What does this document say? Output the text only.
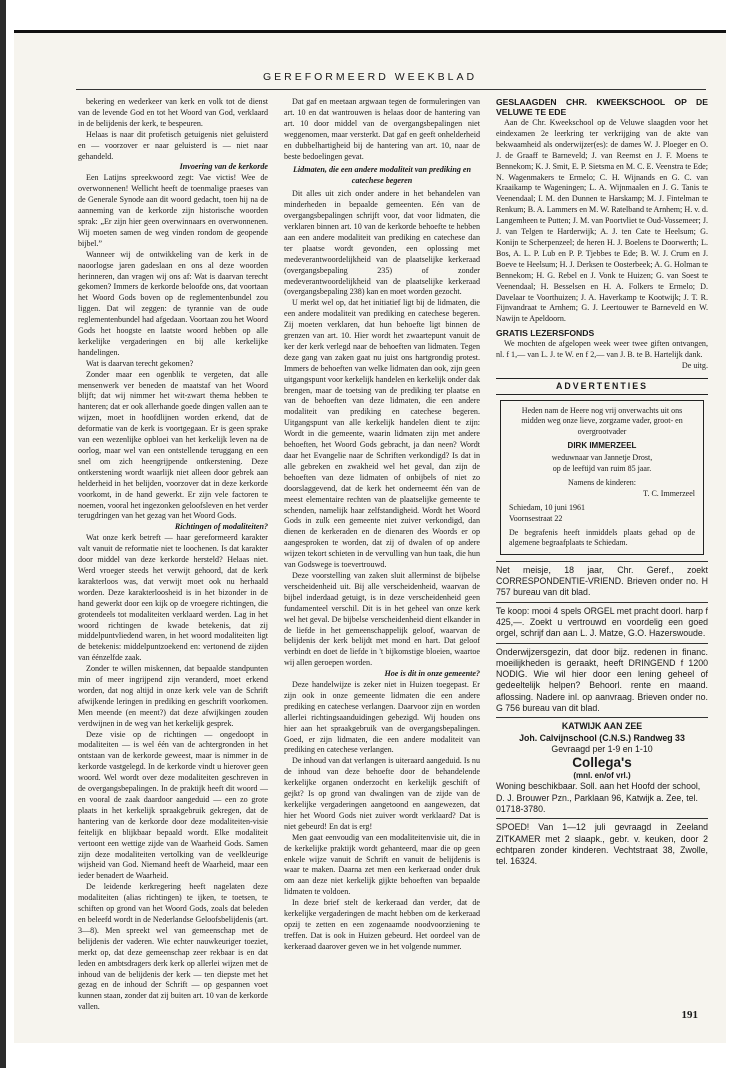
GEREFORMEERD WEEKBLAD

bekering en wederkeer van kerk en volk tot de dienst van de levende God en tot het Woord van God, verklaard in de belijdenis der kerk, te bespeuren.

Helaas is naar dit profetisch getuigenis niet geluisterd en — voorzover er naar geluisterd is — niet naar gehandeld.

Invoering van de kerkorde

Een Latijns spreekwoord zegt: Vae victis! Wee de overwonnenen! Wellicht heeft de toenmalige praeses van de Generale Synode aan dit woord gedacht, toen hij na de aanneming van de kerkorde zijn historische woorden sprak: „Er zijn hier geen overwinnaars en overwonnenen. Wij moeten samen de weg vinden rondom de geopende bijbel.”

Wanneer wij de ontwikkeling van de kerk in de naoorlogse jaren gadeslaan en ons al deze woorden herinneren, dan vragen wij ons af: Wat is daarvan terecht gekomen? Immers de kerkorde beloofde ons, dat voortaan het Woord Gods boven op de reglementenbundel zou liggen. Dat wil zeggen: de tyrannie van de oude reglementenbundel had afgedaan. Voortaan zou het Woord Gods het hoogste en laatste woord hebben op alle kerkelijke vergaderingen en bij alle kerkelijke handelingen.

Wat is daarvan terecht gekomen?

Zonder maar een ogenblik te vergeten, dat alle mensenwerk ver beneden de maatstaf van het Woord blijft; dat wij nimmer het wit-zwart thema hebben te hanteren; dat er ook allerhande goede dingen vallen aan te wijzen, moet in hoofdlijnen worden erkend, dat de deformatie van de kerk is voortgegaan. Er is geen sprake van een wezenlijke opbloei van het kerkelijk leven na de oorlog, maar wel van een ontstellende teruggang en een snel om zich heengrijpende ontkerstening. Deze ontkerstening wordt waarlijk niet alleen door gebrek aan helderheid in het belijden, voorzover dat in deze kerkorde voorkomt, in de hand gewerkt. Er zijn vele factoren te noemen, vooral het ingezonken geloofsleven en het verder terugdringen van het gezag van het Woord Gods.

Richtingen of modaliteiten?

Wat onze kerk betreft — haar gereformeerd karakter valt vanuit de reformatie niet te loochenen. Is dat karakter door middel van deze kerkorde hersteld? Helaas niet. Werd vroeger steeds het verwijt gehoord, dat de kerk karakterloos was, dat verwijt moet ook nu herhaald worden. Deze karakterloosheid is in het bizonder in de hand gewerkt door een kijk op de vroegere richtingen, die grotendeels tot modaliteiten verklaard werden. Lag in het woord richtingen de kwade betekenis, dat zij middelpuntvliedend waren, in het woord modaliteiten ligt de betekenis: middelpuntzoekend en: vertonend de zijden van éénzelfde zaak.

Zonder te willen miskennen, dat bepaalde standpunten min of meer ingrijpend zijn veranderd, moet erkend worden, dat nog altijd in onze kerk vele van de Schrift afwijkende leringen in prediking en geschrift voorkomen. Men meende (en meent?) dat deze afwijkingen zouden verdwijnen in de weg van het kerkelijk gesprek.

Deze visie op de richtingen — ongedoopt in modaliteiten — is wel één van de achtergronden in het ontstaan van de kerkorde geweest, maar is nimmer in de kerkorde vastgelegd. In de kerkorde vindt u hierover geen woord. Wel wordt over deze modaliteiten geschreven in de overgangsbepalingen. In de praktijk heeft dit woord — en vooral de zaak daardoor aangeduid — een zo grote plaats in het kerkelijk spraakgebruik gekregen, dat de hantering van de kerkorde door deze modaliteiten-visie feitelijk en blijkbaar bepaald wordt. Elke modaliteit vertoont een wettige zijde van de Waarheid Gods. Samen zijn deze modaliteiten vertolking van de veelkleurige wijsheid van God. Niemand heeft de Waarheid, maar een ieder benadert de Waarheid.

De leidende kerkregering heeft nagelaten deze modaliteiten (alias richtingen) te ijken, te toetsen, te schiften op grond van het Woord Gods, zoals dat beleden en beleefd wordt in de Nederlandse Geloofsbelijdenis (art. 3—8). Men spreekt wel van gemeenschap met de belijdenis der vaderen. Wie echter nauwkeuriger toeziet, merkt op, dat deze gemeenschap zeer rekbaar is en dat leden en ambtsdragers derk kerk op allerlei wijzen met de inhoud van de belijdenis der kerk — ten diepste met het gezag en de inhoud der Schrift — op gespannen voet kunnen staan, zonder dat zij buiten art. 10 van de kerkorde vallen.

Dat gaf en meetaan argwaan tegen de formuleringen van art. 10 en dat wantrouwen is helaas door de hantering van art. 10 door middel van de overgangsbepalingen niet weggenomen, maar versterkt. Dat gaf en geeft onhelderheid en dubbelhartigheid bij de hantering van art. 10, naar de beste bedoelingen gevat.

Lidmaten, die een andere modaliteit van prediking en catechese begeren

Dit alles uit zich onder andere in het behandelen van minderheden in bepaalde gemeenten. Eén van de overgangsbepalingen schrijft voor, dat voor lidmaten, die verklaren binnen art. 10 van de kerkorde behoefte te hebben aan een andere modaliteit van prediking en catechese dan ter plaatse wordt gevonden, een oplossing met medeverantwoordelijkheid van de plaatselijke kerkeraad (overgangsbepaling 235) of zonder medeverantwoordelijkheid van de plaatselijke kerkeraad (overgangsbepaling 238) kan en moet worden gezocht.

U merkt wel op, dat het initiatief ligt bij de lidmaten, die een andere modaliteit van prediking en catechese begeren. Zij moeten verklaren, dat hun behoefte ligt binnen de grenzen van art. 10. Hier wordt het zwaartepunt vanuit de ker der kerk verlegd naar de behoeften van lidmaten. Tegen deze gang van zaken gaat nu juist ons hartgrondig protest. Immers de behoeften van welke lidmaten dan ook, zijn geen uitgangspunt voor kerkelijk handelen en kerkelijk onder dak brengen, maar de toetsing van de prediking ter plaatse en van de behoeften van deze lidmaten, die een andere modaliteit van prediking en catechese begeren. Uitgangspunt van alle kerkelijk handelen dient te zijn: Wordt in die gemeente, waarin lidmaten zijn met andere behoeften, het Woord Gods gebracht, ja dan neen? Wordt daar het Evangelie naar de Schriften verkondigd? Is dat in alle gebreken en zwakheid wel het geval, dan zijn de behoeften van deze lidmaten of onbijbels of niet zo doorslaggevend, dat de kerk het onderneemt één van de meest elementaire rechten van de plaatselijke gemeente te schenden, namelijk haar zelfstandigheid. Wordt het Woord Gods in zulk een gemeente niet zuiver verkondigd, dan dienen de kerkeraden en de dienaren des Woords er op aangesproken te worden, dat zij of dwalen of op andere wijzen tekort schieten in de vervulling van hun taak, die hun van Godswege is toevertrouwd.

Deze voorstelling van zaken sluit allerminst de bijbelse verscheidenheid uit. Bij alle verscheidenheid, waarvan de bijbel inderdaad getuigt, is in deze verscheidenheid geen fundamenteel verschil. Dit is in het geheel van onze kerk wel het geval. De bijbelse verscheidenheid dient elkander in de liefde in het gemeenschappelijk geloof, waarvan de belijdenis der kerk belijdt met mond en hart. Dat geloof verbindt en doet de liefde in 't bijkomstige bloeien, waartoe wij allen geroepen worden.

Hoe is dit in onze gemeente?

Deze handelwijze is zeker niet in Huizen toegepast. Er zijn ook in onze gemeente lidmaten die een andere prediking en catechese verlangen. Daarvoor zijn en worden allerlei richtingsaanduidingen gebezigd. Wij houden ons hier aan het spraakgebruik van de overgangsbepalingen. Goed, er zijn lidmaten, die een andere modaliteit van prediking en catechese verlangen.

De inhoud van dat verlangen is uiteraard aangeduid. Is nu de inhoud van deze behoefte door de behandelende kerkelijke organen onderzocht en kerkelijk geschift of gejkt? Is op grond van dwalingen van de zijde van de kerkelijke vergaderingen aangetoond en aangewezen, dat hier het Woord Gods niet zuiver wordt verklaard? Dat is niet gebeurd! En dat is erg!

Men gaat eenvoudig van een modaliteitenvisie uit, die in de kerkelijke praktijk wordt gehanteerd, maar die op geen enkele wijze vanuit de Schrift en vanuit de belijdenis is waar te maken. Daarna zet men een kerkeraad onder druk om aan deze niet kerkelijk gijkte behoeften van bepaalde lidmaten te voldoen.

In deze brief stelt de kerkeraad dan verder, dat de kerkelijke vergaderingen de macht hebben om de kerkeraad opzij te zetten en een zogenaamde noodvoorziening te treffen. Dat is ook in Huizen gebeurd. Het oordeel van de kerkeraad daarover geven we in het volgende nummer.

GESLAAGDEN CHR. KWEEKSCHOOL OP DE VELUWE TE EDE

Aan de Chr. Kweekschool op de Veluwe slaagden voor het eindexamen 2e leerkring ter verkrijging van de akte van bekwaamheid als onderwijzer(es): de dames W. J. Ploeger en O. J. de Graaff te Barneveld; J. van Reemst en J. F. Moens te Bennekom; K. J. Smit, E. P. Sietsma en M. C. E. Veenstra te Ede; N. Wagenmakers te Ermelo; C. H. Wijnands en G. C. van Kraaikamp te Wageningen; L. A. Wijnmaalen en J. G. Tanis te Veenendaal; I. M. den Dunnen te Harskamp; M. J. Fintelman te Renkum; B. A. Lammers en M. W. Ratelband te Arnhem; H. v. d. Langemheen te Putten; J. M. van Poortvliet te Oud-Vossemeer; J. J. van Telgen te Harderwijk; A. J. ten Cate te Heelsum; G. Konijn te Scherpenzeel; de heren H. J. Boelens te Doorwerth; L. Bos, A. L. P. Lub en P. P. Tjebbes te Ede; B. W. J. Crum en J. Boeve te Heelsum; H. J. Derksen te Oosterbeek; A. G. Holman te Bennekom; H. G. Rebel en J. Vonk te Huizen; G. van Soest te Veenendaal; H. Besselsen en H. A. Folkers te Ermelo; D. Davelaar te Voorthuizen; J. A. Haverkamp te Kootwijk; J. T. R. Fijnvandraat te Arnhem; G. J. Leertouwer te Barneveld en W. Nawijn te Apeldoorn.

GRATIS LEZERSFONDS

We mochten de afgelopen week weer twee giften ontvangen, nl. f 1,— van L. J. te W. en f 2,— van J. B. te B. Hartelijk dank.

De uitg.
ADVERTENTIES
Heden nam de Heere nog vrij onverwachts uit ons midden weg onze lieve, zorgzame vader, groot- en overgrootvader
DIRK IMMERZEEL
weduwnaar van Jannetje Drost,
op de leeftijd van ruim 85 jaar.
Namens de kinderen:
T. C. Immerzeel
Schiedam, 10 juni 1961
Voornsestraat 22
De begrafenis heeft inmiddels plaats gehad op de algemene begraafplaats te Schiedam.
Net meisje, 18 jaar, Chr. Geref., zoekt CORRESPONDENTIE-VRIEND. Brieven onder no. H 757 bureau van dit blad.
Te koop: mooi 4 spels ORGEL met pracht doorl. harp f 425,—. Zoekt u vertrouwd en voordelig een goed orgel, schrijf dan aan L. J. Matze, G.O. Hazerswoude.
Onderwijzersgezin, dat door bijz. redenen in financ. moeilijkheden is geraakt, heeft DRINGEND f 1200 NODIG. Wie wil hier door een lening geheel of gedeeltelijk helpen? Behoorl. rente en maand. aflossing. Nadere inl. op aanvraag. Brieven onder no. G 756 bureau van dit blad.
KATWIJK AAN ZEE
Joh. Calvijnschool (C.N.S.) Randweg 33
Gevraagd per 1-9 en 1-10
Collega's
(mnl. en/of vrl.)
Woning beschikbaar. Soll. aan het Hoofd der school, D. J. Brouwer Pzn., Parklaan 96, Katwijk a. Zee, tel. 01718-3780.
SPOED! Van 1—12 juli gevraagd in Zeeland ZITKAMER met 2 slaapk., gebr. v. keuken, door 2 echtparen zonder kinderen. Vechtstraat 38, Zwolle, tel. 16324.
191
